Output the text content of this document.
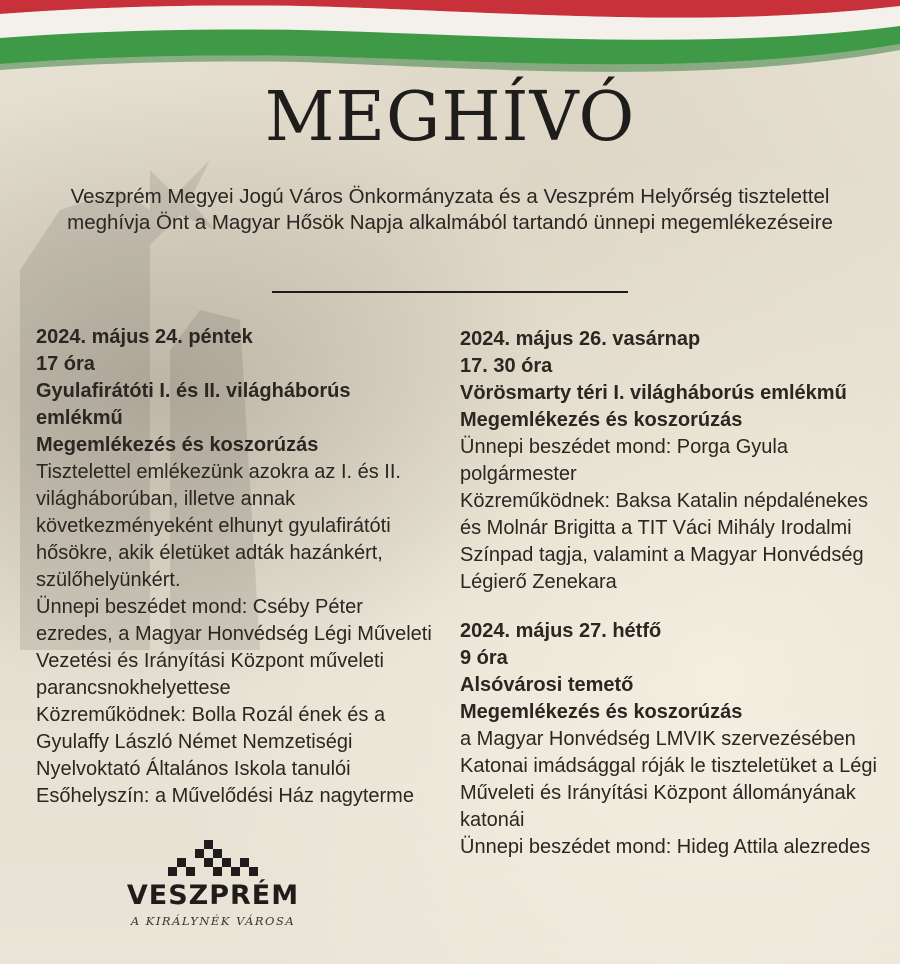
MEGHÍVÓ
Veszprém Megyei Jogú Város Önkormányzata és a Veszprém Helyőrség tisztelettel meghívja Önt a Magyar Hősök Napja alkalmából tartandó ünnepi megemlékezéseire

2024. május 24. péntek

17 óra

Gyulafirátóti I. és II. világháborús emlékmű

Megemlékezés és koszorúzás

Tisztelettel emlékezünk azokra az I. és II. világháborúban, illetve annak következményeként elhunyt gyulafirátóti hősökre, akik életüket adták hazánkért, szülőhelyünkért.

Ünnepi beszédet mond: Cséby Péter ezredes, a Magyar Honvédség Légi Műveleti Vezetési és Irányítási Központ műveleti parancsnokhelyettese

Közreműködnek: Bolla Rozál ének és a Gyulaffy László Német Nemzetiségi Nyelvoktató Általános Iskola tanulói

Esőhelyszín: a Művelődési Ház nagyterme

2024. május 26. vasárnap

17. 30 óra

Vörösmarty téri I. világháborús emlékmű

Megemlékezés és koszorúzás

Ünnepi beszédet mond: Porga Gyula polgármester

Közreműködnek: Baksa Katalin népdalénekes és Molnár Brigitta a TIT Váci Mihály Irodalmi Színpad tagja, valamint a Magyar Honvédség Légierő Zenekara

2024. május 27. hétfő

9 óra

Alsóvárosi temető

Megemlékezés és koszorúzás

a Magyar Honvédség LMVIK szervezésében

Katonai imádsággal róják le tiszteletüket a Légi Műveleti és Irányítási Központ állományának katonái

Ünnepi beszédet mond: Hideg Attila alezredes

VESZPRÉM
A KIRÁLYNÉK VÁROSA
